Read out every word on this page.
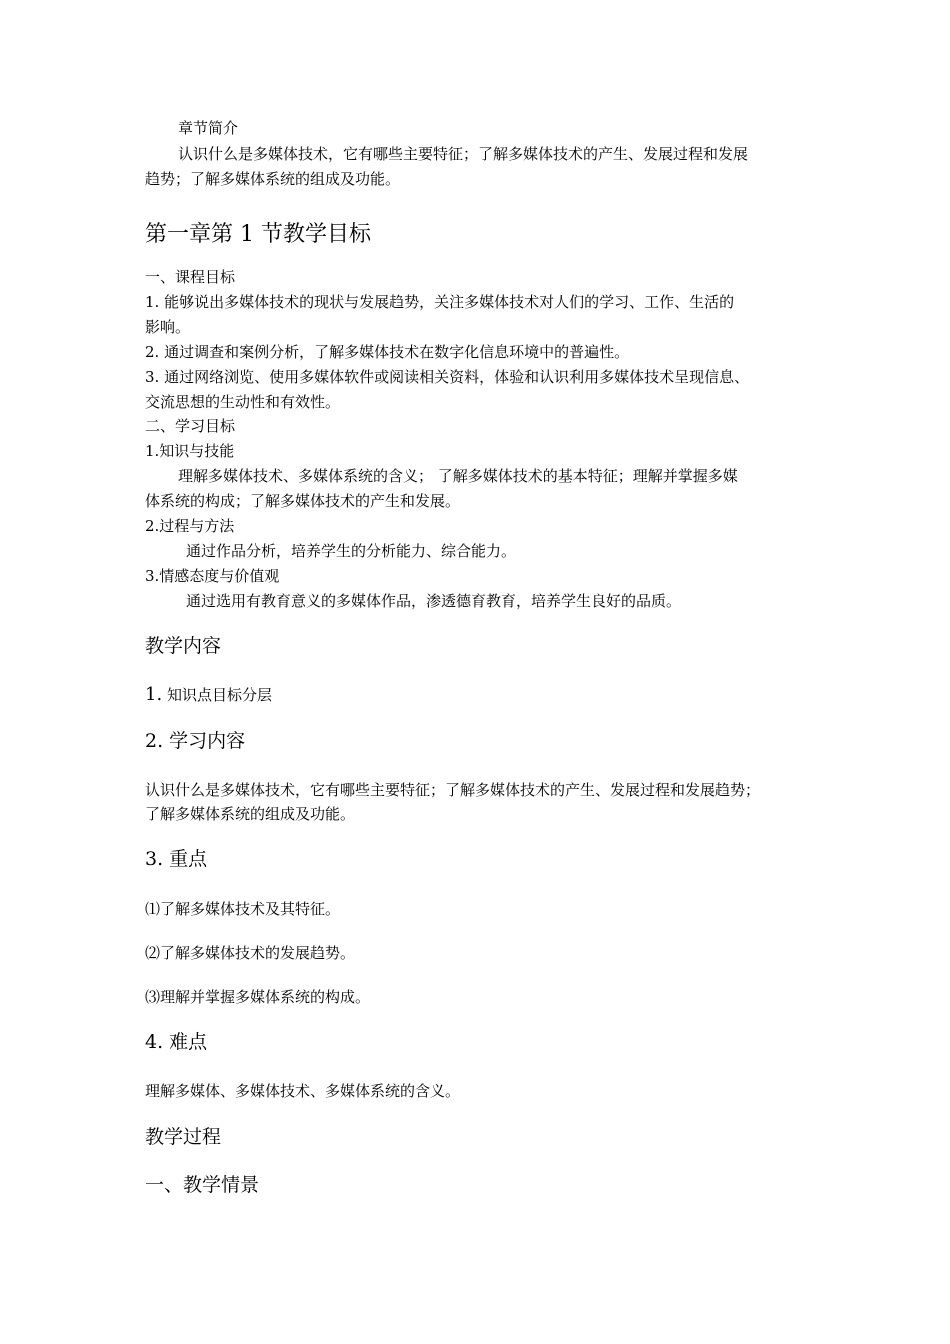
章节简介
认识什么是多媒体技术，它有哪些主要特征；了解多媒体技术的产生、发展过程和发展
趋势；了解多媒体系统的组成及功能。
第一章第 1 节教学目标
一、课程目标
1. 能够说出多媒体技术的现状与发展趋势，关注多媒体技术对人们的学习、工作、生活的
影响。
2. 通过调查和案例分析，了解多媒体技术在数字化信息环境中的普遍性。
3. 通过网络浏览、使用多媒体软件或阅读相关资料，体验和认识利用多媒体技术呈现信息、
交流思想的生动性和有效性。
二、学习目标
1.知识与技能
理解多媒体技术、多媒体系统的含义； 了解多媒体技术的基本特征；理解并掌握多媒
体系统的构成；了解多媒体技术的产生和发展。
2.过程与方法
通过作品分析，培养学生的分析能力、综合能力。
3.情感态度与价值观
通过选用有教育意义的多媒体作品，渗透德育教育，培养学生良好的品质。
教学内容
1. 知识点目标分层
2. 学习内容
认识什么是多媒体技术，它有哪些主要特征；了解多媒体技术的产生、发展过程和发展趋势；
了解多媒体系统的组成及功能。
3. 重点
⑴了解多媒体技术及其特征。
⑵了解多媒体技术的发展趋势。
⑶理解并掌握多媒体系统的构成。
4. 难点
理解多媒体、多媒体技术、多媒体系统的含义。
教学过程
一、教学情景
